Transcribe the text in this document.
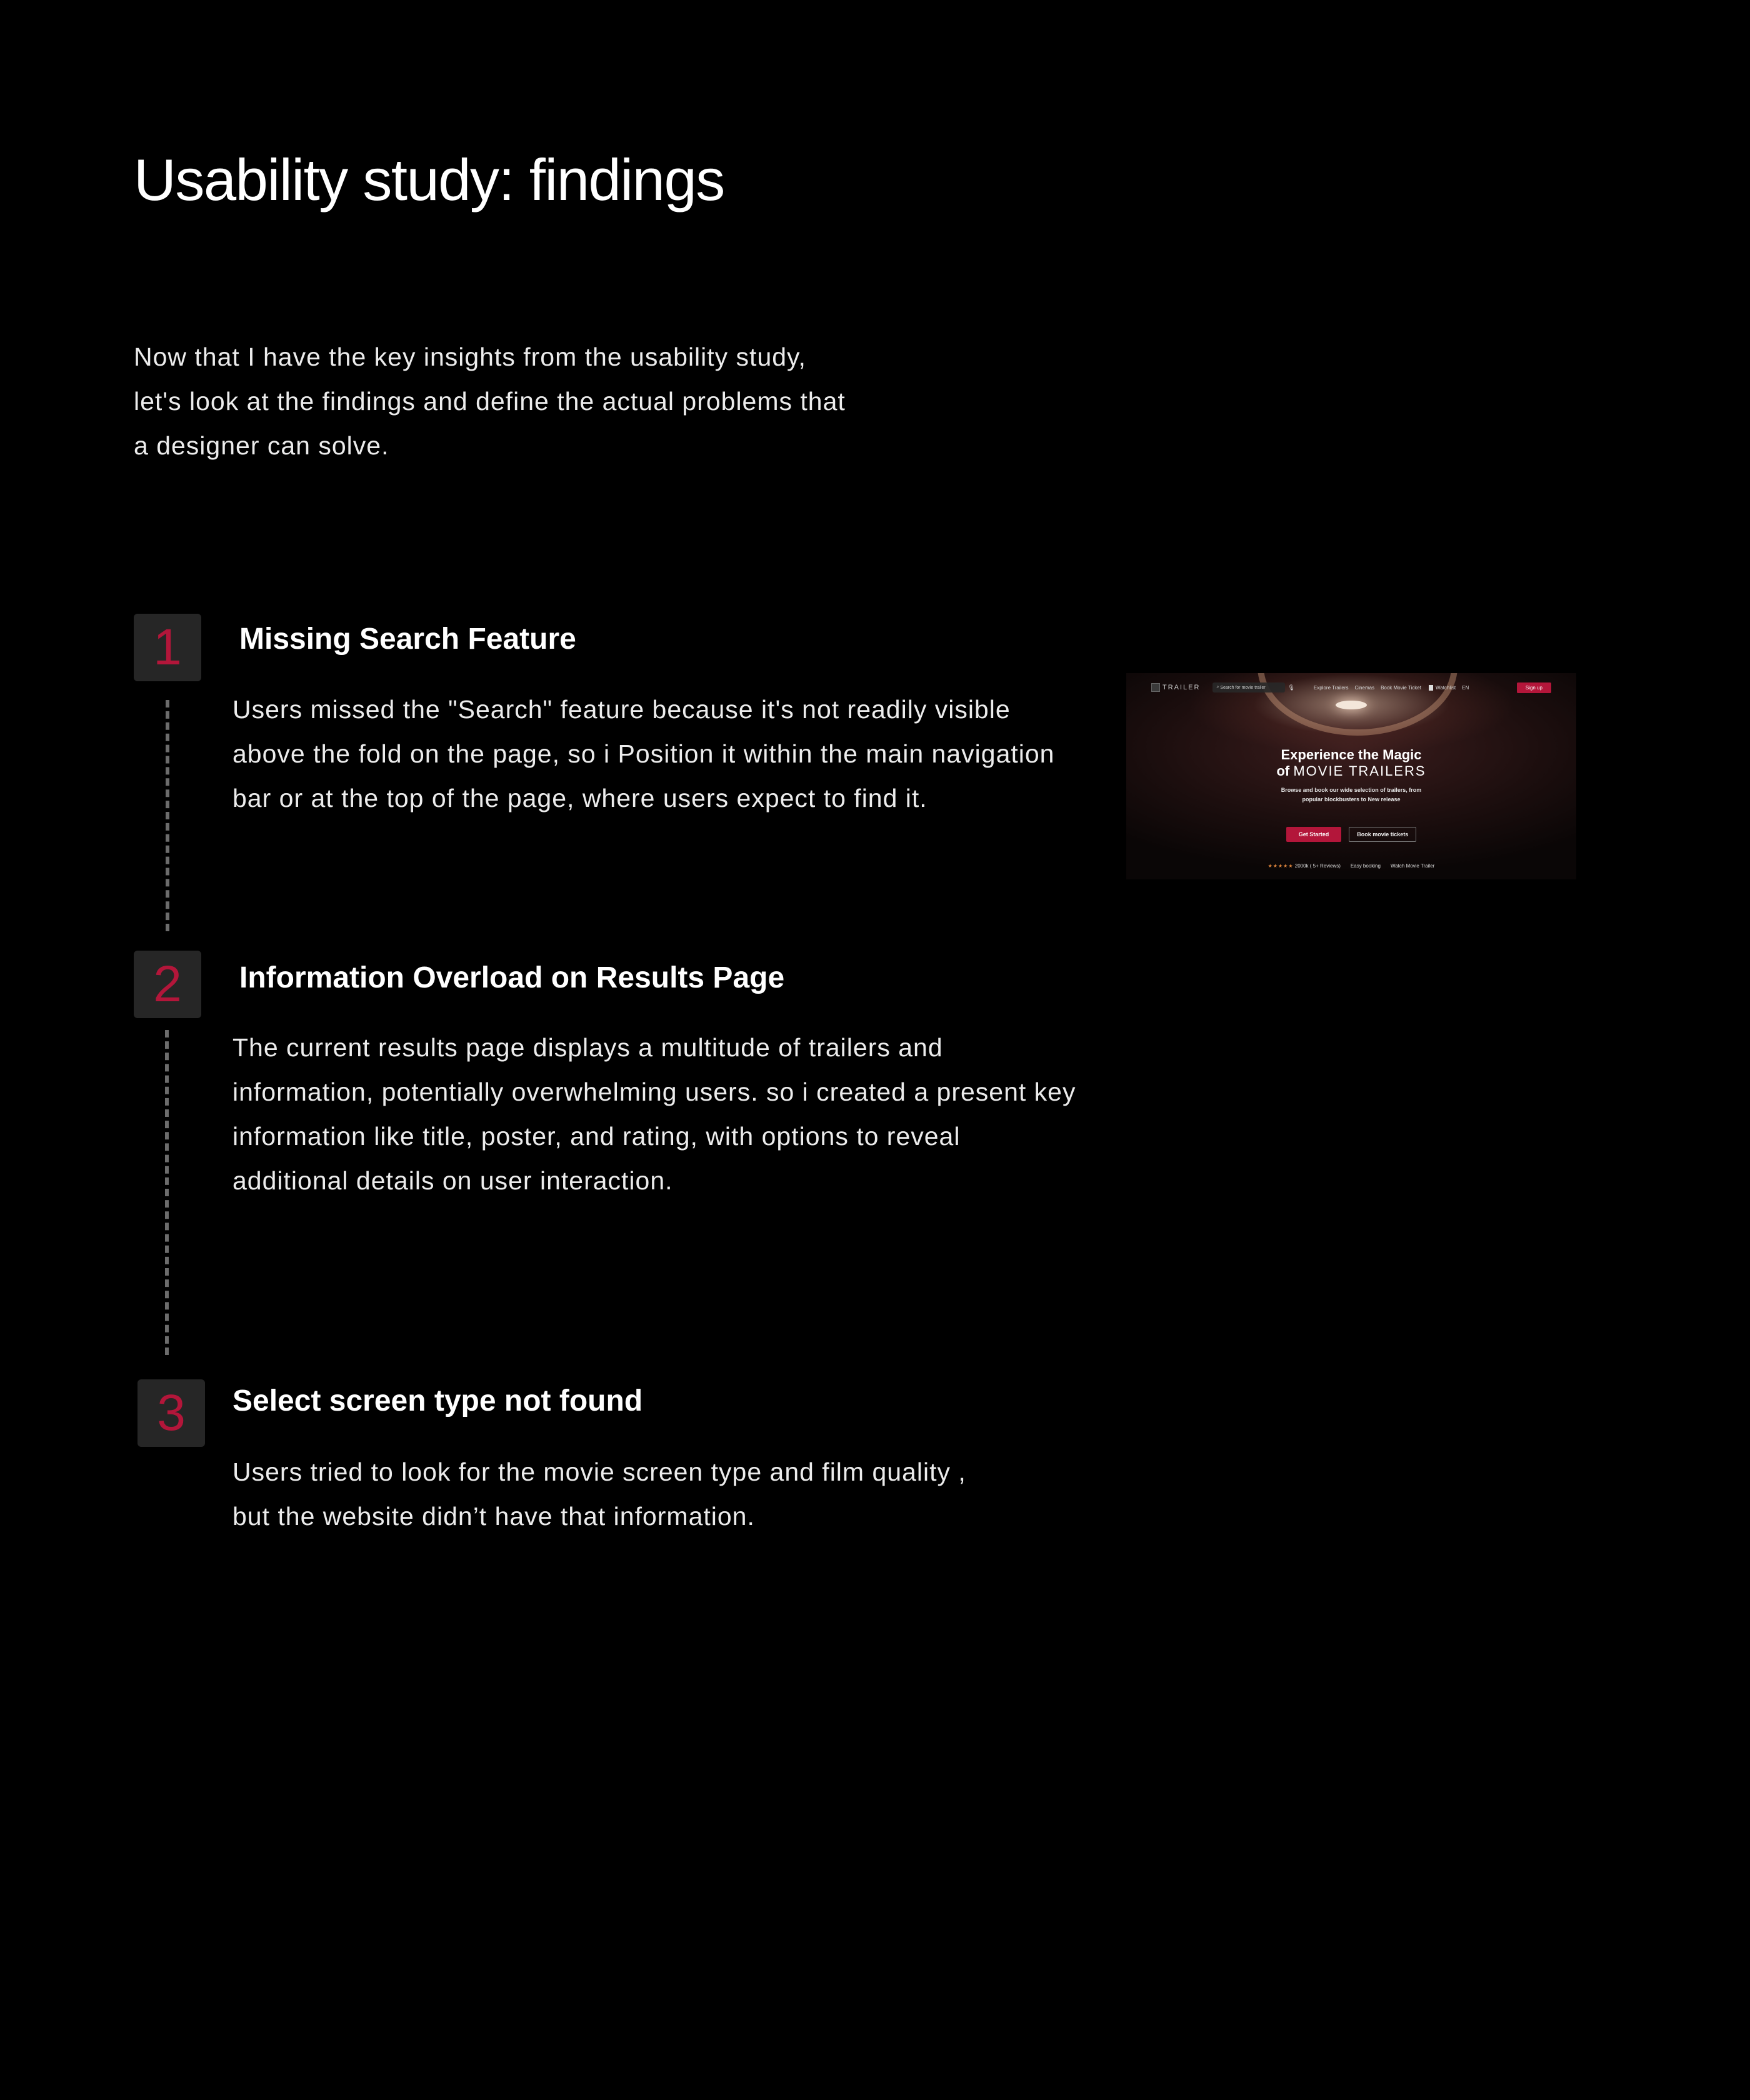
Usability study: findings
Now that I have the key insights from the usability study,
let's look at the findings and define the actual problems that
a designer can solve.
1 Missing Search Feature
Users missed the "Search" feature because it's not readily visible
above the fold on the page, so i Position it within the main navigation
bar or at the top of the page, where users expect to find it.
TRAILER	⌕ Search for movie trailer	🎙	Explore Trailers Cinemas Book Movie Ticket	Watchlist EN	Sign up
Experience the Magic
of MOVIE TRAILERS
Browse and book our wide selection of trailers, from popular blockbusters to New release
Get Started	Book movie tickets
★★★★★ 2000k ( 5+ Reviews) Easy booking Watch Movie Trailer
2 Information Overload on Results Page
The current results page displays a multitude of trailers and
information, potentially overwhelming users. so i created a present key
information like title, poster, and rating, with options to reveal
additional details on user interaction.
3 Select screen type not found
Users tried to look for the movie screen type and film quality ,
but the website didn’t have that information.
